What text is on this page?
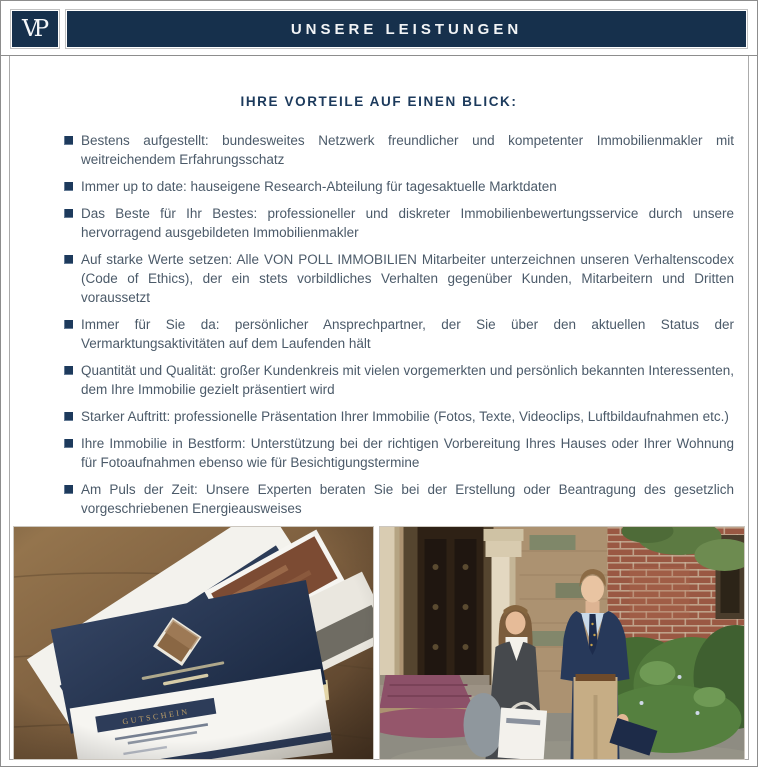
VP	UNSERE LEISTUNGEN
IHRE VORTEILE AUF EINEN BLICK:
Bestens aufgestellt: bundesweites Netzwerk freundlicher und kompetenter Immobilienmakler mit weitreichendem Erfahrungsschatz
Immer up to date: hauseigene Research-Abteilung für tagesaktuelle Marktdaten
Das Beste für Ihr Bestes: professioneller und diskreter Immobilienbewertungsservice durch unsere hervorragend ausgebildeten Immobilienmakler
Auf starke Werte setzen: Alle VON POLL IMMOBILIEN Mitarbeiter unterzeichnen unseren Verhaltenscodex (Code of Ethics), der ein stets vorbildliches Verhalten gegenüber Kunden, Mitarbeitern und Dritten voraussetzt
Immer für Sie da: persönlicher Ansprechpartner, der Sie über den aktuellen Status der Vermarktungsaktivitäten auf dem Laufenden hält
Quantität und Qualität: großer Kundenkreis mit vielen vorgemerkten und persönlich bekannten Interessenten, dem Ihre Immobilie gezielt präsentiert wird
Starker Auftritt: professionelle Präsentation Ihrer Immobilie (Fotos, Texte, Videoclips, Luftbildaufnahmen etc.)
Ihre Immobilie in Bestform: Unterstützung bei der richtigen Vorbereitung Ihres Hauses oder Ihrer Wohnung für Fotoaufnahmen ebenso wie für Besichtigungstermine
Am Puls der Zeit: Unsere Experten beraten Sie bei der Erstellung oder Beantragung des gesetzlich vorgeschriebenen Energieausweises
